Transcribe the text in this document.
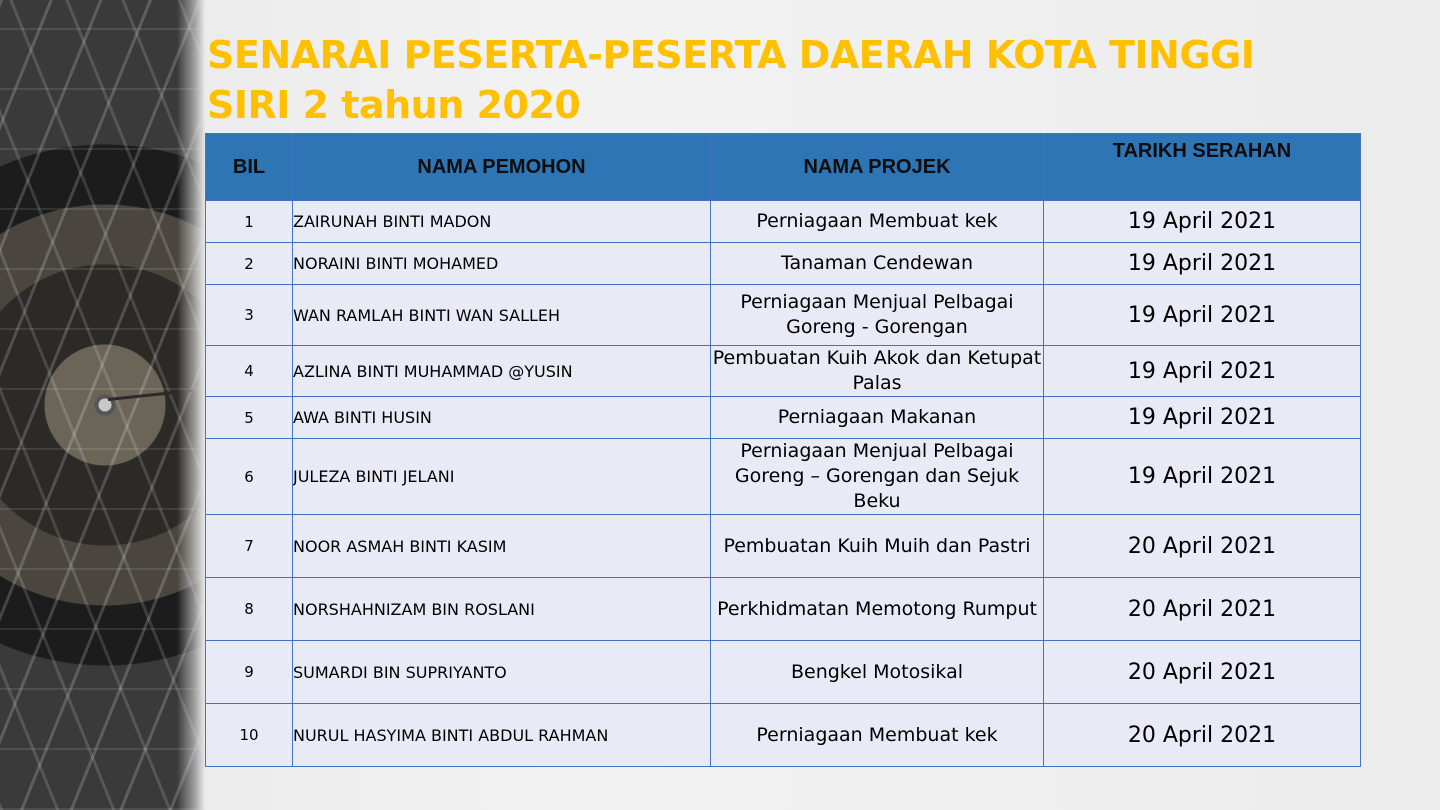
SENARAI PESERTA-PESERTA DAERAH KOTA TINGGI
SIRI 2 tahun 2020
BIL	NAMA PEMOHON	NAMA PROJEK	TARIKH SERAHAN
1	ZAIRUNAH BINTI MADON	Perniagaan Membuat kek	19 April 2021
2	NORAINI BINTI MOHAMED	Tanaman Cendewan	19 April 2021
3	WAN RAMLAH BINTI WAN SALLEH	Perniagaan Menjual Pelbagai Goreng - Gorengan	19 April 2021
4	AZLINA BINTI MUHAMMAD @YUSIN	Pembuatan Kuih Akok dan Ketupat Palas	19 April 2021
5	AWA BINTI HUSIN	Perniagaan Makanan	19 April 2021
6	JULEZA BINTI JELANI	Perniagaan Menjual Pelbagai Goreng – Gorengan dan Sejuk Beku	19 April 2021
7	NOOR ASMAH BINTI KASIM	Pembuatan Kuih Muih dan Pastri	20 April 2021
8	NORSHAHNIZAM BIN ROSLANI	Perkhidmatan Memotong Rumput	20 April 2021
9	SUMARDI BIN SUPRIYANTO	Bengkel Motosikal	20 April 2021
10	NURUL HASYIMA BINTI ABDUL RAHMAN	Perniagaan Membuat kek	20 April 2021
